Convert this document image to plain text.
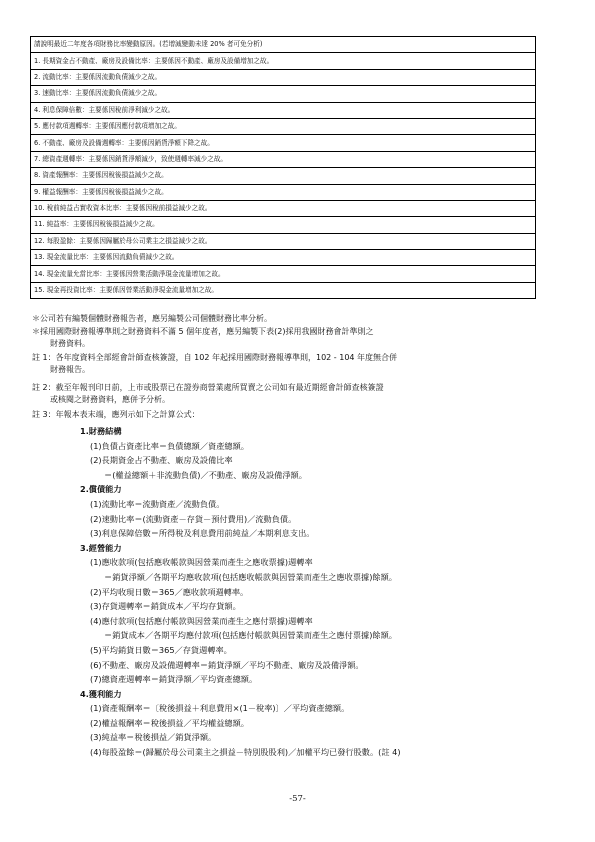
請說明最近二年度各項財務比率變動原因。(若增減變動未達 20% 者可免分析)
1. 長期資金占不動產、廠房及設備比率：主要係因不動產、廠房及設備增加之故。
2. 流動比率：主要係因流動負債減少之故。
3. 速動比率：主要係因流動負債減少之故。
4. 利息保障倍數：主要係因稅前淨利減少之故。
5. 應付款項週轉率：主要係因應付款項增加之故。
6. 不動產、廠房及設備週轉率：主要係因銷貨淨額下降之故。
7. 總資產週轉率：主要係因銷貨淨額減少，致使週轉率減少之故。
8. 資產報酬率：主要係因稅後損益減少之故。
9. 權益報酬率：主要係因稅後損益減少之故。
10. 稅前純益占實收資本比率：主要係因稅前損益減少之故。
11. 純益率：主要係因稅後損益減少之故。
12. 每股盈餘：主要係因歸屬於母公司業主之損益減少之故。
13. 現金流量比率：主要係因流動負債減少之故。
14. 現金流量允當比率：主要係因營業活動淨現金流量增加之故。
15. 現金再投資比率：主要係因營業活動淨現金流量增加之故。
＊公司若有編製個體財務報告者，應另編製公司個體財務比率分析。
＊採用國際財務報導準則之財務資料不滿 5 個年度者，應另編製下表(2)採用我國財務會計準則之
財務資料。
註 1：各年度資料全部經會計師查核簽證，自 102 年起採用國際財務報導準則，102 - 104 年度無合併
財務報告。
註 2：截至年報刊印日前，上市或股票已在證券商營業處所買賣之公司如有最近期經會計師查核簽證
或核閱之財務資料，應併予分析。
註 3：年報本表末端，應列示如下之計算公式：
1.財務結構
(1)負債占資產比率＝負債總額／資產總額。
(2)長期資金占不動產、廠房及設備比率
＝(權益總額＋非流動負債)／不動產、廠房及設備淨額。
2.償債能力
(1)流動比率＝流動資產／流動負債。
(2)速動比率＝(流動資產－存貨－預付費用)／流動負債。
(3)利息保障倍數＝所得稅及利息費用前純益／本期利息支出。
3.經營能力
(1)應收款項(包括應收帳款與因營業而產生之應收票據)週轉率
＝銷貨淨額／各期平均應收款項(包括應收帳款與因營業而產生之應收票據)餘額。
(2)平均收現日數＝365／應收款項週轉率。
(3)存貨週轉率＝銷貨成本／平均存貨額。
(4)應付款項(包括應付帳款與因營業而產生之應付票據)週轉率
＝銷貨成本／各期平均應付款項(包括應付帳款與因營業而產生之應付票據)餘額。
(5)平均銷貨日數＝365／存貨週轉率。
(6)不動產、廠房及設備週轉率＝銷貨淨額／平均不動產、廠房及設備淨額。
(7)總資產週轉率＝銷貨淨額／平均資產總額。
4.獲利能力
(1)資產報酬率＝〔稅後損益＋利息費用×(1－稅率)〕／平均資產總額。
(2)權益報酬率＝稅後損益／平均權益總額。
(3)純益率＝稅後損益／銷貨淨額。
(4)每股盈餘＝(歸屬於母公司業主之損益－特別股股利)／加權平均已發行股數。(註 4)
-57-
